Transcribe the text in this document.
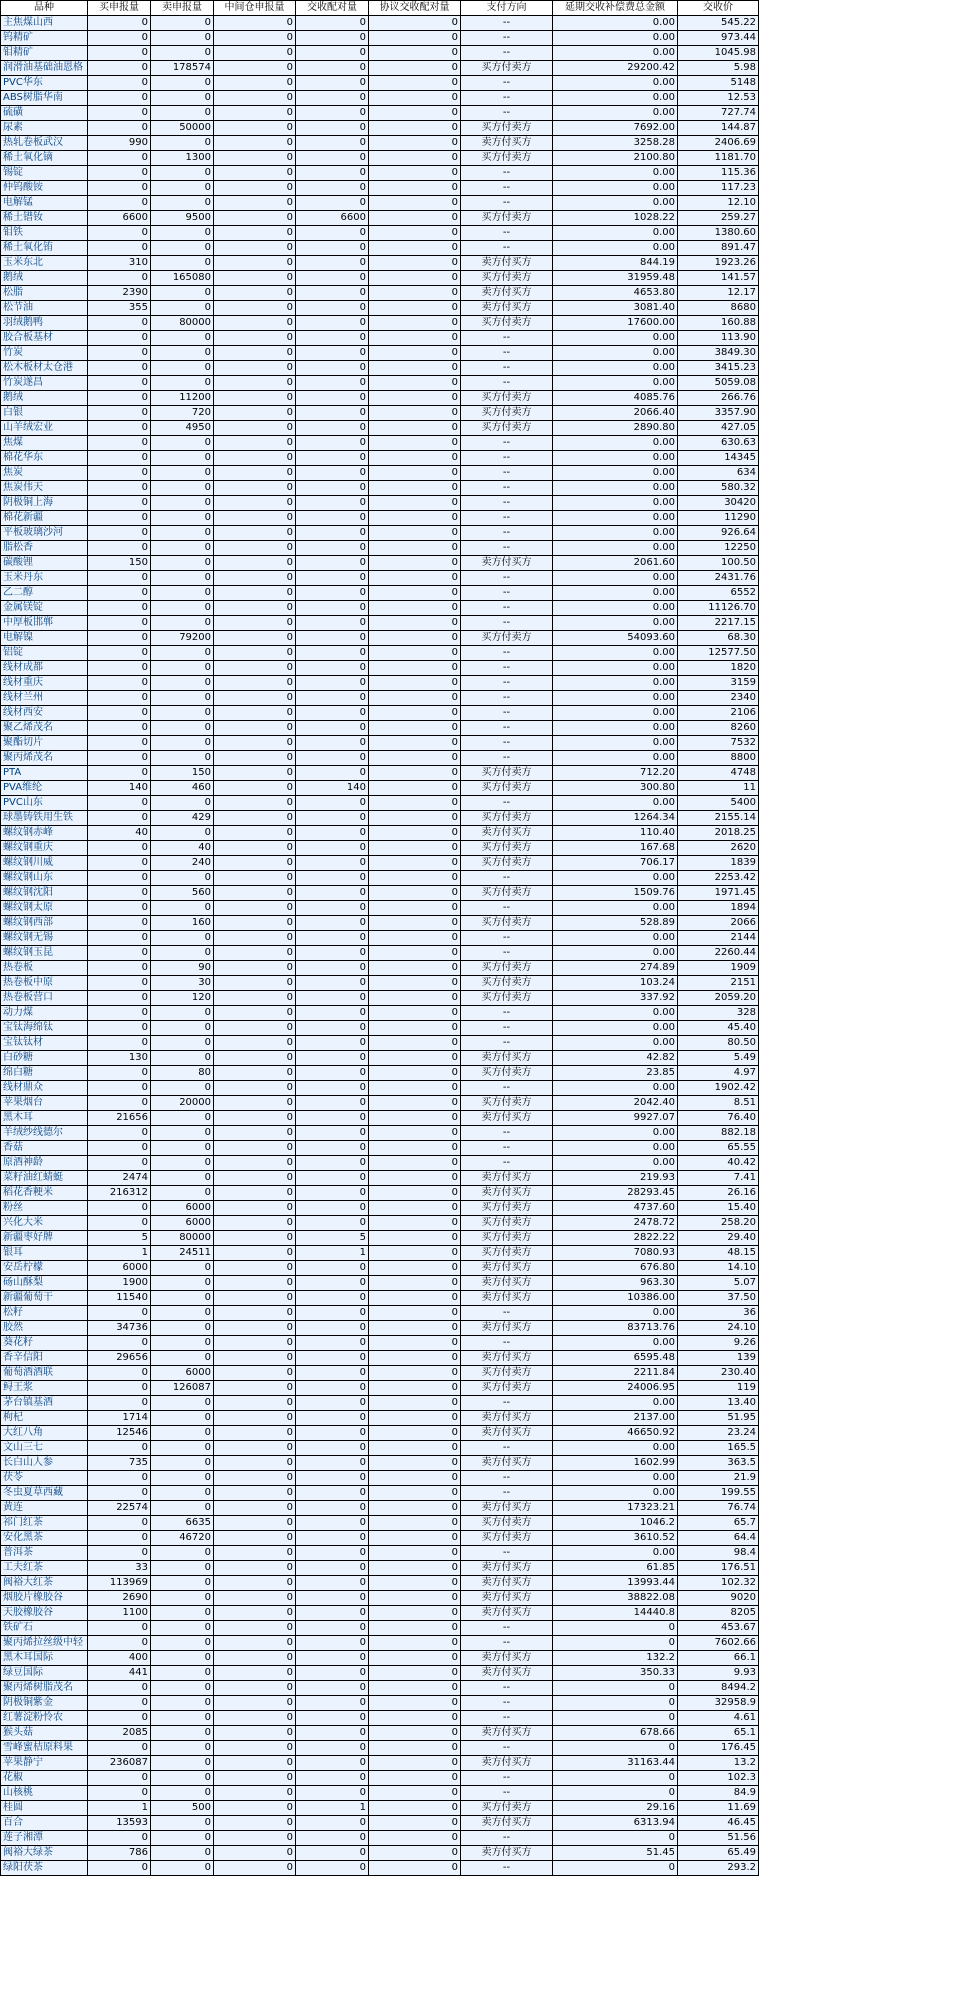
品种	买申报量	卖申报量	中间仓申报量	交收配对量	协议交收配对量	支付方向	延期交收补偿费总金额	交收价
主焦煤山西	0	0	0	0	0	--	0.00	545.22
钨精矿	0	0	0	0	0	--	0.00	973.44
钼精矿	0	0	0	0	0	--	0.00	1045.98
润滑油基础油恩格	0	178574	0	0	0	买方付卖方	29200.42	5.98
PVC华东	0	0	0	0	0	--	0.00	5148
ABS树脂华南	0	0	0	0	0	--	0.00	12.53
硫磺	0	0	0	0	0	--	0.00	727.74
尿素	0	50000	0	0	0	买方付卖方	7692.00	144.87
热轧卷板武汉	990	0	0	0	0	卖方付买方	3258.28	2406.69
稀土氧化镝	0	1300	0	0	0	买方付卖方	2100.80	1181.70
锡锭	0	0	0	0	0	--	0.00	115.36
仲钨酸铵	0	0	0	0	0	--	0.00	117.23
电解锰	0	0	0	0	0	--	0.00	12.10
稀土镨钕	6600	9500	0	6600	0	买方付卖方	1028.22	259.27
钼铁	0	0	0	0	0	--	0.00	1380.60
稀土氧化铕	0	0	0	0	0	--	0.00	891.47
玉米东北	310	0	0	0	0	卖方付买方	844.19	1923.26
鹅绒	0	165080	0	0	0	买方付卖方	31959.48	141.57
松脂	2390	0	0	0	0	卖方付买方	4653.80	12.17
松节油	355	0	0	0	0	卖方付买方	3081.40	8680
羽绒鹅鸭	0	80000	0	0	0	买方付卖方	17600.00	160.88
胶合板基材	0	0	0	0	0	--	0.00	113.90
竹炭	0	0	0	0	0	--	0.00	3849.30
松木板材太仓港	0	0	0	0	0	--	0.00	3415.23
竹炭遂昌	0	0	0	0	0	--	0.00	5059.08
鹅绒	0	11200	0	0	0	买方付卖方	4085.76	266.76
白银	0	720	0	0	0	买方付卖方	2066.40	3357.90
山羊绒宏业	0	4950	0	0	0	买方付卖方	2890.80	427.05
焦煤	0	0	0	0	0	--	0.00	630.63
棉花华东	0	0	0	0	0	--	0.00	14345
焦炭	0	0	0	0	0	--	0.00	634
焦炭伟天	0	0	0	0	0	--	0.00	580.32
阴极铜上海	0	0	0	0	0	--	0.00	30420
棉花新疆	0	0	0	0	0	--	0.00	11290
平板玻璃沙河	0	0	0	0	0	--	0.00	926.64
脂松香	0	0	0	0	0	--	0.00	12250
碳酸锂	150	0	0	0	0	卖方付买方	2061.60	100.50
玉米丹东	0	0	0	0	0	--	0.00	2431.76
乙二醇	0	0	0	0	0	--	0.00	6552
金属镁锭	0	0	0	0	0	--	0.00	11126.70
中厚板邯郸	0	0	0	0	0	--	0.00	2217.15
电解镍	0	79200	0	0	0	买方付卖方	54093.60	68.30
铝锭	0	0	0	0	0	--	0.00	12577.50
线材成都	0	0	0	0	0	--	0.00	1820
线材重庆	0	0	0	0	0	--	0.00	3159
线材兰州	0	0	0	0	0	--	0.00	2340
线材西安	0	0	0	0	0	--	0.00	2106
聚乙烯茂名	0	0	0	0	0	--	0.00	8260
聚酯切片	0	0	0	0	0	--	0.00	7532
聚丙烯茂名	0	0	0	0	0	--	0.00	8800
PTA	0	150	0	0	0	买方付卖方	712.20	4748
PVA维纶	140	460	0	140	0	买方付卖方	300.80	11
PVC山东	0	0	0	0	0	--	0.00	5400
球墨铸铁用生铁	0	429	0	0	0	买方付卖方	1264.34	2155.14
螺纹钢赤峰	40	0	0	0	0	卖方付买方	110.40	2018.25
螺纹钢重庆	0	40	0	0	0	买方付卖方	167.68	2620
螺纹钢川威	0	240	0	0	0	买方付卖方	706.17	1839
螺纹钢山东	0	0	0	0	0	--	0.00	2253.42
螺纹钢沈阳	0	560	0	0	0	买方付卖方	1509.76	1971.45
螺纹钢太原	0	0	0	0	0	--	0.00	1894
螺纹钢西部	0	160	0	0	0	买方付卖方	528.89	2066
螺纹钢无锡	0	0	0	0	0	--	0.00	2144
螺纹钢玉昆	0	0	0	0	0	--	0.00	2260.44
热卷板	0	90	0	0	0	买方付卖方	274.89	1909
热卷板中原	0	30	0	0	0	买方付卖方	103.24	2151
热卷板营口	0	120	0	0	0	买方付卖方	337.92	2059.20
动力煤	0	0	0	0	0	--	0.00	328
宝钛海绵钛	0	0	0	0	0	--	0.00	45.40
宝钛钛材	0	0	0	0	0	--	0.00	80.50
白砂糖	130	0	0	0	0	卖方付买方	42.82	5.49
绵白糖	0	80	0	0	0	买方付卖方	23.85	4.97
线材鼎众	0	0	0	0	0	--	0.00	1902.42
苹果烟台	0	20000	0	0	0	买方付卖方	2042.40	8.51
黑木耳	21656	0	0	0	0	卖方付买方	9927.07	76.40
羊绒纱线德尔	0	0	0	0	0	--	0.00	882.18
香菇	0	0	0	0	0	--	0.00	65.55
原酒神龄	0	0	0	0	0	--	0.00	40.42
菜籽油红蜻蜓	2474	0	0	0	0	卖方付买方	219.93	7.41
稻花香粳米	216312	0	0	0	0	卖方付买方	28293.45	26.16
粉丝	0	6000	0	0	0	买方付卖方	4737.60	15.40
兴化大米	0	6000	0	0	0	买方付卖方	2478.72	258.20
新疆枣好牌	5	80000	0	5	0	买方付卖方	2822.22	29.40
银耳	1	24511	0	1	0	买方付卖方	7080.93	48.15
安岳柠檬	6000	0	0	0	0	卖方付买方	676.80	14.10
砀山酥梨	1900	0	0	0	0	卖方付买方	963.30	5.07
新疆葡萄干	11540	0	0	0	0	卖方付买方	10386.00	37.50
松籽	0	0	0	0	0	--	0.00	36
胶然	34736	0	0	0	0	卖方付买方	83713.76	24.10
葵花籽	0	0	0	0	0	--	0.00	9.26
香辛信阳	29656	0	0	0	0	卖方付买方	6595.48	139
葡萄酒酒联	0	6000	0	0	0	买方付卖方	2211.84	230.40
鲟王浆	0	126087	0	0	0	买方付卖方	24006.95	119
茅台镇基酒	0	0	0	0	0	--	0.00	13.40
枸杞	1714	0	0	0	0	卖方付买方	2137.00	51.95
大红八角	12546	0	0	0	0	卖方付买方	46650.92	23.24
文山三七	0	0	0	0	0	--	0.00	165.5
长白山人参	735	0	0	0	0	卖方付买方	1602.99	363.5
茯苓	0	0	0	0	0	--	0.00	21.9
冬虫夏草西藏	0	0	0	0	0	--	0.00	199.55
黄连	22574	0	0	0	0	卖方付买方	17323.21	76.74
祁门红茶	0	6635	0	0	0	买方付卖方	1046.2	65.7
安化黑茶	0	46720	0	0	0	买方付卖方	3610.52	64.4
普洱茶	0	0	0	0	0	--	0.00	98.4
工夫红茶	33	0	0	0	0	卖方付买方	61.85	176.51
阀裕大红茶	113969	0	0	0	0	卖方付买方	13993.44	102.32
烟胶片橡胶谷	2690	0	0	0	0	卖方付买方	38822.08	9020
天胶橡胶谷	1100	0	0	0	0	卖方付买方	14440.8	8205
铁矿石	0	0	0	0	0	--	0	453.67
聚丙烯拉丝级中轻	0	0	0	0	0	--	0	7602.66
黑木耳国际	400	0	0	0	0	卖方付买方	132.2	66.1
绿豆国际	441	0	0	0	0	卖方付买方	350.33	9.93
聚丙烯树脂茂名	0	0	0	0	0	--	0	8494.2
阴极铜紫金	0	0	0	0	0	--	0	32958.9
红薯淀粉怜农	0	0	0	0	0	--	0	4.61
猴头菇	2085	0	0	0	0	卖方付买方	678.66	65.1
雪峰蜜桔原料果	0	0	0	0	0	--	0	176.45
苹果静宁	236087	0	0	0	0	卖方付买方	31163.44	13.2
花椒	0	0	0	0	0	--	0	102.3
山核桃	0	0	0	0	0	--	0	84.9
桂圆	1	500	0	1	0	买方付卖方	29.16	11.69
百合	13593	0	0	0	0	卖方付买方	6313.94	46.45
莲子湘潭	0	0	0	0	0	--	0	51.56
阀裕大绿茶	786	0	0	0	0	卖方付买方	51.45	65.49
绿阳茯茶	0	0	0	0	0	--	0	293.2
